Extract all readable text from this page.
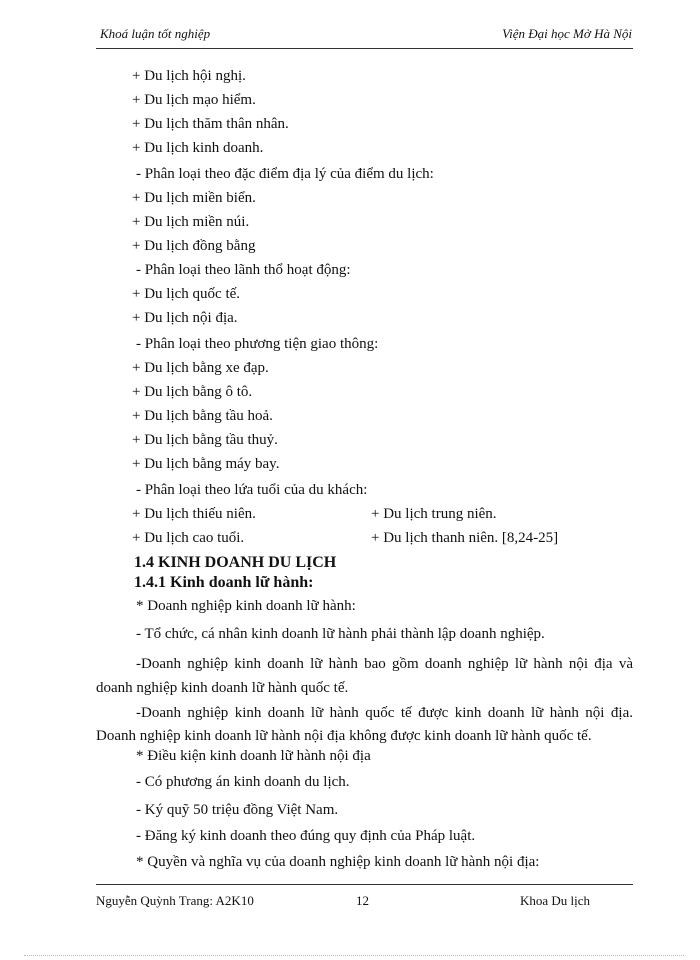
Khoá luận tốt nghiệp	Viện Đại học Mở Hà Nội
+ Du lịch hội nghị.
+ Du lịch mạo hiểm.
+ Du lịch thăm thân nhân.
+ Du lịch kinh doanh.
- Phân loại theo đặc điểm địa lý của điểm du lịch:
+ Du lịch miền biển.
+ Du lịch miền núi.
+ Du lịch đồng bằng
- Phân loại theo lãnh thổ hoạt động:
+ Du lịch quốc tế.
+ Du lịch nội địa.
- Phân loại theo phương tiện giao thông:
+ Du lịch bằng xe đạp.
+ Du lịch bằng ô tô.
+ Du lịch bằng tầu hoả.
+ Du lịch bằng tầu thuỷ.
+ Du lịch bằng máy bay.
- Phân loại theo lứa tuổi của du khách:
+ Du lịch thiếu niên.	+ Du lịch trung niên.
+ Du lịch cao tuổi.	+ Du lịch thanh niên. [8,24-25]
1.4 KINH DOANH DU LỊCH
1.4.1 Kinh doanh lữ hành:
* Doanh nghiệp kinh doanh lữ hành:
- Tổ chức, cá nhân kinh doanh lữ hành phải thành lập doanh nghiệp.
-Doanh nghiệp kinh doanh lữ hành bao gồm doanh nghiệp lữ hành nội địa và doanh nghiệp kinh doanh lữ hành quốc tế.
-Doanh nghiệp kinh doanh lữ hành quốc tế được kinh doanh lữ hành nội địa. Doanh nghiệp kinh doanh lữ hành nội địa không được kinh doanh lữ hành quốc tế.
* Điều kiện kinh doanh lữ hành nội địa
- Có phương án kinh doanh du lịch.
- Ký quỹ 50 triệu đồng Việt Nam.
- Đăng ký kinh doanh theo đúng quy định của Pháp luật.
* Quyền và nghĩa vụ của doanh nghiệp kinh doanh lữ hành nội địa:
Nguyễn Quỳnh Trang: A2K10	12	Khoa Du lịch
